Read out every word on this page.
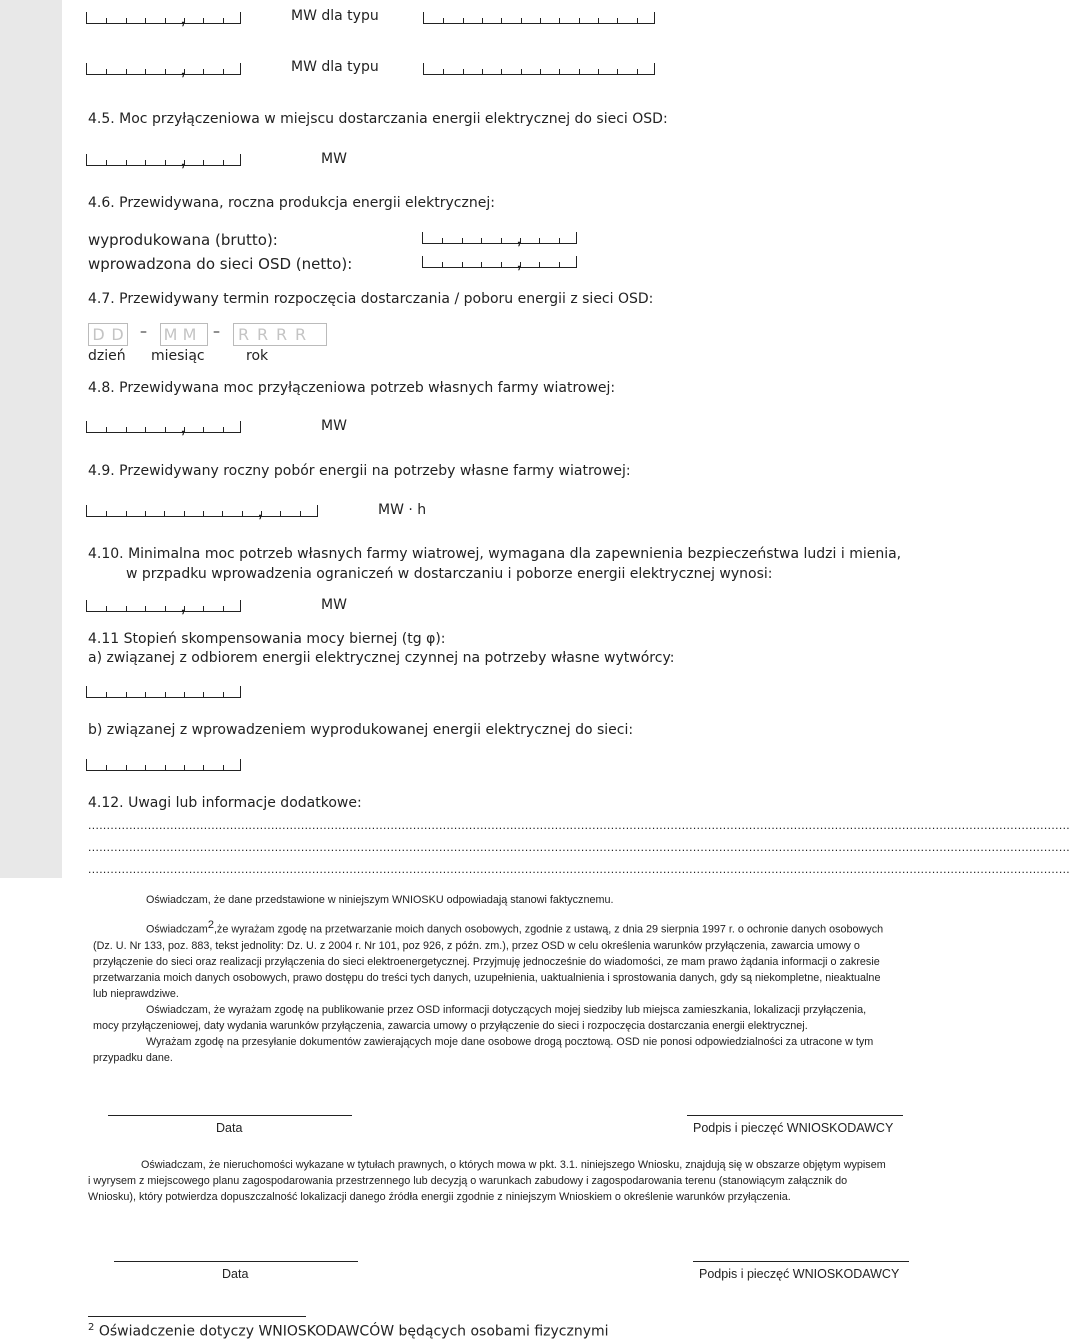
,	MW dla typu
,	MW dla typu
4.5. Moc przyłączeniowa w miejscu dostarczania energii elektrycznej do sieci OSD:
,	MW
4.6. Przewidywana, roczna produkcja energii elektrycznej:
wyprodukowana (brutto):	,
wprowadzona do sieci OSD (netto):	,
4.7. Przewidywany termin rozpoczęcia dostarczania / poboru energii z sieci OSD:
D D	– M M	–	R R R R
dzień miesiąc	rok
4.8. Przewidywana moc przyłączeniowa potrzeb własnych farmy wiatrowej:
,	MW
4.9. Przewidywany roczny pobór energii na potrzeby własne farmy wiatrowej:
,	MW · h
4.10. Minimalna moc potrzeb własnych farmy wiatrowej, wymagana dla zapewnienia bezpieczeństwa ludzi i mienia,
w przpadku wprowadzenia ograniczeń w dostarczaniu i poborze energii elektrycznej wynosi:
,	MW
4.11 Stopień skompensowania mocy biernej (tg φ):
a) związanej z odbiorem energii elektrycznej czynnej na potrzeby własne wytwórcy:
b) związanej z wprowadzeniem wyprodukowanej energii elektrycznej do sieci:
4.12. Uwagi lub informacje dodatkowe:
.......................................................................................................................................................................................................................................................................
.......................................................................................................................................................................................................................................................................
.......................................................................................................................................................................................................................................................................

Oświadczam, że dane przedstawione w niniejszym WNIOSKU odpowiadają stanowi faktycznemu.

Oświadczam$^2$,że wyrażam zgodę na przetwarzanie moich danych osobowych, zgodnie z ustawą, z dnia 29 sierpnia 1997 r. o ochronie danych osobowych

(Dz. U. Nr 133, poz. 883, tekst jednolity: Dz. U. z 2004 r. Nr 101, poz 926, z późn. zm.), przez OSD w celu określenia warunków przyłączenia, zawarcia umowy o

przyłączenie do sieci oraz realizacji przyłączenia do sieci elektroenergetycznej. Przyjmuję jednocześnie do wiadomości, ze mam prawo żądania informacji o zakresie

przetwarzania moich danych osobowych, prawo dostępu do treści tych danych, uzupełnienia, uaktualnienia i sprostowania danych, gdy są niekompletne, nieaktualne

lub nieprawdziwe.

Oświadczam, że wyrażam zgodę na publikowanie przez OSD informacji dotyczących mojej siedziby lub miejsca zamieszkania, lokalizacji przyłączenia,

mocy przyłączeniowej, daty wydania warunków przyłączenia, zawarcia umowy o przyłączenie do sieci i rozpoczęcia dostarczania energii elektrycznej.

Wyrażam zgodę na przesyłanie dokumentów zawierających moje dane osobowe drogą pocztową. OSD nie ponosi odpowiedzialności za utracone w tym

przypadku dane.

Data	Podpis i pieczęć WNIOSKODAWCY

Oświadczam, że nieruchomości wykazane w tytułach prawnych, o których mowa w pkt. 3.1. niniejszego Wniosku, znajdują się w obszarze objętym wypisem

i wyrysem z miejscowego planu zagospodarowania przestrzennego lub decyzją o warunkach zabudowy i zagospodarowania terenu (stanowiącym załącznik do

Wniosku), który potwierdza dopuszczalność lokalizacji danego źródła energii zgodnie z niniejszym Wnioskiem o określenie warunków przyłączenia.

Data	Podpis i pieczęć WNIOSKODAWCY
$^2$ Oświadczenie dotyczy WNIOSKODAWCÓW będących osobami fizycznymi
